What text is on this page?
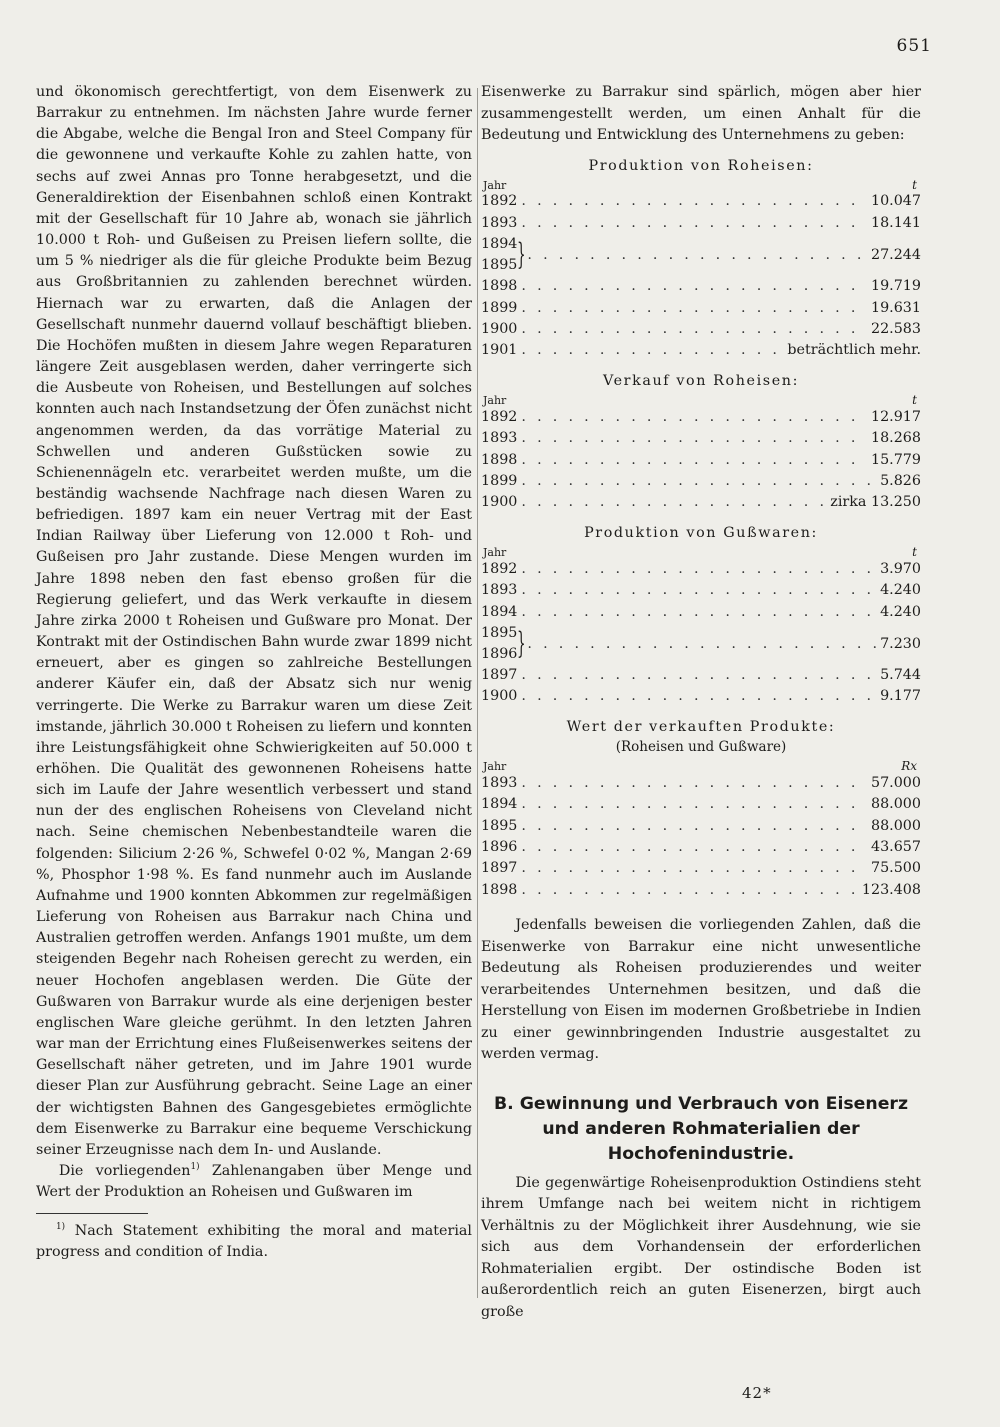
651

und ökonomisch gerechtfertigt, von dem Eisenwerk zu Barrakur zu entnehmen. Im nächsten Jahre wurde ferner die Abgabe, welche die Bengal Iron and Steel Company für die gewonnene und verkaufte Kohle zu zahlen hatte, von sechs auf zwei Annas pro Tonne herabgesetzt, und die Generaldirektion der Eisenbahnen schloß einen Kontrakt mit der Gesellschaft für 10 Jahre ab, wonach sie jährlich 10.000 t Roh- und Gußeisen zu Preisen liefern sollte, die um 5 % niedriger als die für gleiche Produkte beim Bezug aus Großbritannien zu zahlenden berechnet würden. Hiernach war zu erwarten, daß die Anlagen der Gesellschaft nunmehr dauernd vollauf beschäftigt blieben. Die Hochöfen mußten in diesem Jahre wegen Reparaturen längere Zeit ausgeblasen werden, daher verringerte sich die Ausbeute von Roheisen, und Bestellungen auf solches konnten auch nach Instandsetzung der Öfen zunächst nicht angenommen werden, da das vorrätige Material zu Schwellen und anderen Gußstücken sowie zu Schienennägeln etc. verarbeitet werden mußte, um die beständig wachsende Nachfrage nach diesen Waren zu befriedigen. 1897 kam ein neuer Vertrag mit der East Indian Railway über Lieferung von 12.000 t Roh- und Gußeisen pro Jahr zustande. Diese Mengen wurden im Jahre 1898 neben den fast ebenso großen für die Regierung geliefert, und das Werk verkaufte in diesem Jahre zirka 2000 t Roheisen und Gußware pro Monat. Der Kontrakt mit der Ostindischen Bahn wurde zwar 1899 nicht erneuert, aber es gingen so zahlreiche Bestellungen anderer Käufer ein, daß der Absatz sich nur wenig verringerte. Die Werke zu Barrakur waren um diese Zeit imstande, jährlich 30.000 t Roheisen zu liefern und konnten ihre Leistungsfähigkeit ohne Schwierigkeiten auf 50.000 t erhöhen. Die Qualität des gewonnenen Roheisens hatte sich im Laufe der Jahre wesentlich verbessert und stand nun der des englischen Roheisens von Cleveland nicht nach. Seine chemischen Nebenbestandteile waren die folgenden: Silicium 2·26 %, Schwefel 0·02 %, Mangan 2·69 %, Phosphor 1·98 %. Es fand nunmehr auch im Auslande Aufnahme und 1900 konnten Abkommen zur regelmäßigen Lieferung von Roheisen aus Barrakur nach China und Australien getroffen werden. Anfangs 1901 mußte, um dem steigenden Begehr nach Roheisen gerecht zu werden, ein neuer Hochofen angeblasen werden. Die Güte der Gußwaren von Barrakur wurde als eine derjenigen bester englischen Ware gleiche gerühmt. In den letzten Jahren war man der Errichtung eines Flußeisenwerkes seitens der Gesellschaft näher getreten, und im Jahre 1901 wurde dieser Plan zur Ausführung gebracht. Seine Lage an einer der wichtigsten Bahnen des Gangesgebietes ermöglichte dem Eisenwerke zu Barrakur eine bequeme Verschickung seiner Erzeugnisse nach dem In- und Auslande.

Die vorliegenden$^{1)}$ Zahlenangaben über Menge und Wert der Produktion an Roheisen und Gußwaren im

$^{1)}$ Nach Statement exhibiting the moral and material progress and condition of India.

Eisenwerke zu Barrakur sind spärlich, mögen aber hier zusammengestellt werden, um einen Anhalt für die Bedeutung und Entwicklung des Unternehmens zu geben:

Produktion von Roheisen:
Jahr	t
1892 . . .	10.047
1893 . . .	18.141
1894
1895 } . . .	27.244
1898 . . .	19.719
1899 . . .	19.631
1900 . . .	22.583
1901 . . .	beträchtlich mehr.
Verkauf von Roheisen:
Jahr	t
1892 . . .	12.917
1893 . . .	18.268
1898 . . .	15.779
1899 . . .	5.826
1900 . . .	zirka 13.250
Produktion von Gußwaren:
Jahr	t
1892 . . .	3.970
1893 . . .	4.240
1894 . . .	4.240
1895
1896 } . . .	7.230
1897 . . .	5.744
1900 . . .	9.177
Wert der verkauften Produkte:
(Roheisen und Gußware)
Jahr	Rx
1893 . . .	57.000
1894 . . .	88.000
1895 . . .	88.000
1896 . . .	43.657
1897 . . .	75.500
1898 . . .	123.408

Jedenfalls beweisen die vorliegenden Zahlen, daß die Eisenwerke von Barrakur eine nicht unwesentliche Bedeutung als Roheisen produzierendes und weiter verarbeitendes Unternehmen besitzen, und daß die Herstellung von Eisen im modernen Großbetriebe in Indien zu einer gewinnbringenden Industrie ausgestaltet zu werden vermag.

B. Gewinnung und Verbrauch von Eisenerz und anderen Rohmaterialien der Hochofenindustrie.

Die gegenwärtige Roheisenproduktion Ostindiens steht ihrem Umfange nach bei weitem nicht in richtigem Verhältnis zu der Möglichkeit ihrer Ausdehnung, wie sie sich aus dem Vorhandensein der erforderlichen Rohmaterialien ergibt. Der ostindische Boden ist außerordentlich reich an guten Eisenerzen, birgt auch große

42*
